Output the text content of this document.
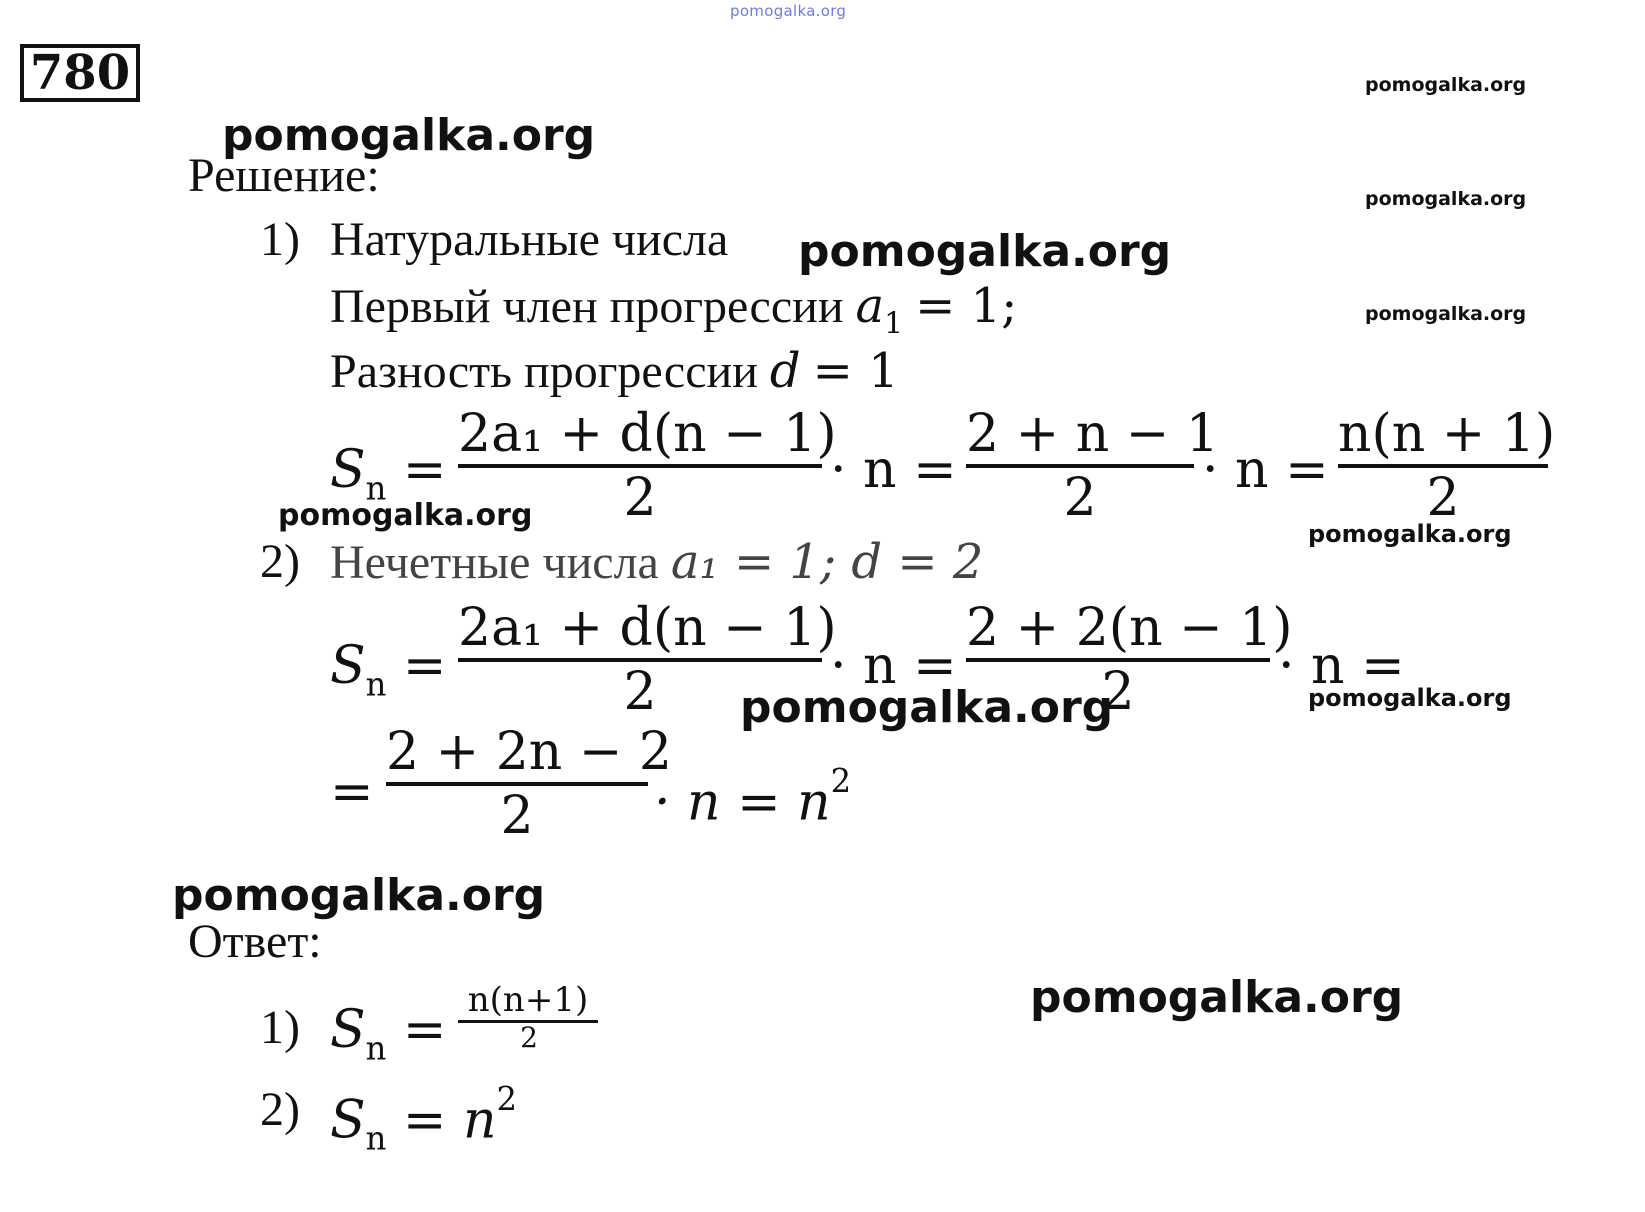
pomogalka.org
780	pomogalka.org
pomogalka.org
pomogalka.org
pomogalka.org
Решение:
1) Натуральные числа pomogalka.org
Первый член прогрессии $a_1 = 1$;
Разность прогрессии d = 1
$S_n$ =
2a₁ + d(n − 1)
2	· n =
2 + n − 1
2	· n =
n(n + 1)
2
pomogalka.org
pomogalka.org
2) Нечетные числа a₁ = 1; d = 2
$S_n$ =
2a₁ + d(n − 1)
2	· n =
2 + 2(n − 1)
2	· n =
pomogalka.org	pomogalka.org
=
2 + 2n − 2
2	· $n = n^2$
pomogalka.org
Ответ:
pomogalka.org
1) $S_n = n(n+1)$
2
2) $S_n = n^2$
